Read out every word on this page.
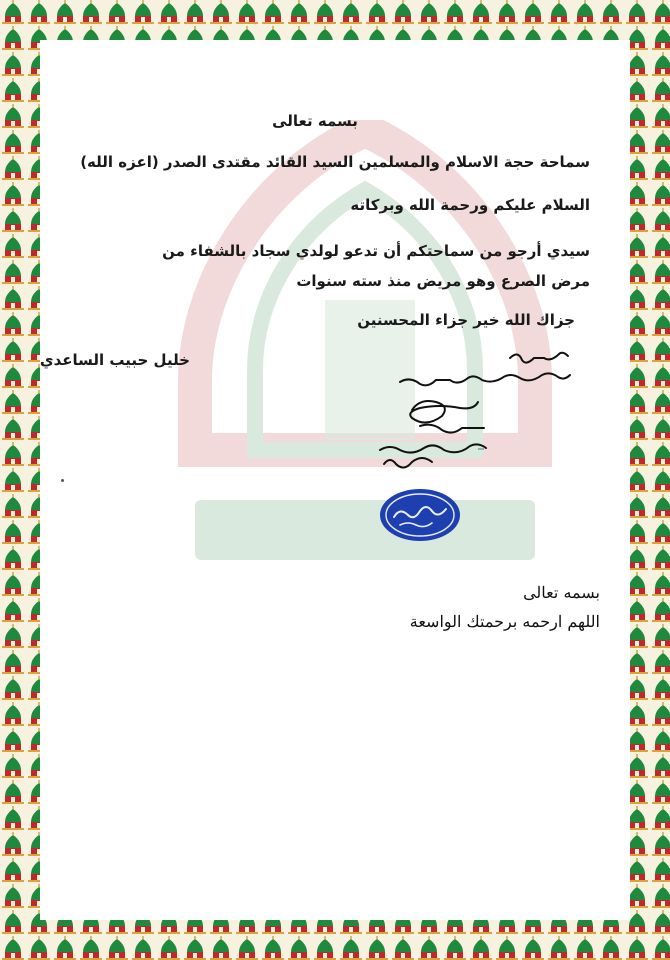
بسمه تعالى
سماحة حجة الاسلام والمسلمين السيد القائد مقتدى الصدر (اعزه الله)
السلام عليكم ورحمة الله وبركاته
سيدي أرجو من سماحتكم أن تدعو لولدي سجاد بالشفاء من مرض الصرع وهو مريض منذ سته سنوات
جزاك الله خير جزاء المحسنين
خليل حبيب الساعدي
بسمه تعالى
اللهم ارحمه برحمتك الواسعة
